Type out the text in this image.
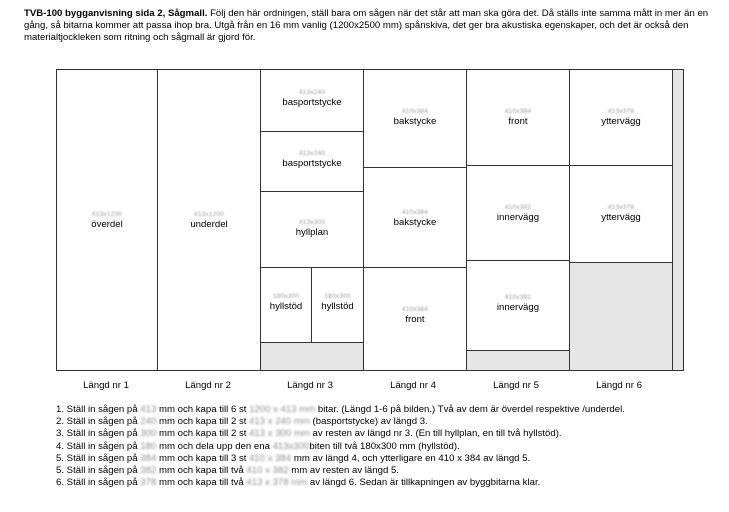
TVB-100 bygganvisning sida 2, Sågmall. Följ den här ordningen, ställ bara om sågen när det står att man ska göra det. Då ställs inte samma mått in mer än en gång, så bitarna kommer att passa ihop bra. Utgå från en 16 mm vanlig (1200x2500 mm) spånskiva, det ger bra akustiska egenskaper, och det är också den materialtjockleken som ritning och sågmall är gjord för.
413x1200
överdel
413x1200
underdel
413x240
basportstycke
413x240
basportstycke
413x300
hyllplan
180x300
hyllstöd
180x300
hyllstöd
410x384
bakstycke
410x384
bakstycke
410x384
front
410x384
front
410x382
innervägg
410x382
innervägg
413x378
yttervägg
413x378
yttervägg
Längd nr 1	Längd nr 2	Längd nr 3	Längd nr 4	Längd nr 5	Längd nr 6
1. Ställ in sågen på 413 mm och kapa till 6 st 1200 x 413 mm bitar. (Längd 1-6 på bilden.) Två av dem är överdel respektive /underdel.
2. Ställ in sågen på 240 mm och kapa till 2 st 413 x 240 mm (basportstycke) av längd 3.
3. Ställ in sågen på 300 mm och kapa till 2 st 413 x 300 mm av resten av längd nr 3. (En till hyllplan, en till två hyllstöd).
4. Ställ in sågen på 180 mm och dela upp den ena 413x300biten till två 180x300 mm (hyllstöd).
5. Ställ in sågen på 384 mm och kapa till 3 st 410 x 384 mm av längd 4, och ytterligare en 410 x 384 av längd 5.
5. Ställ in sågen på 382 mm och kapa till två 410 x 382 mm av resten av längd 5.
6. Ställ in sågen på 378 mm och kapa till två 413 x 378 mm av längd 6. Sedan är tillkapningen av byggbitarna klar.
